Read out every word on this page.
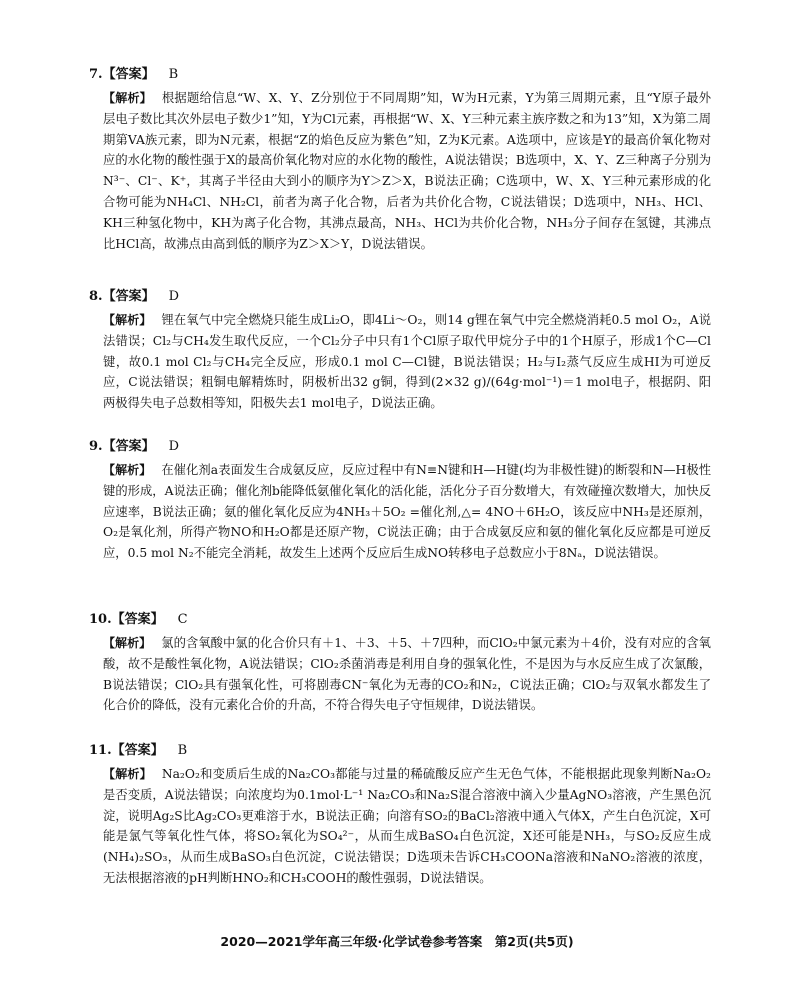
7.【答案】 B
【解析】 根据题给信息“W、X、Y、Z分别位于不同周期”知，W为H元素，Y为第三周期元素，且“Y原子最外层电子数比其次外层电子数少1”知，Y为Cl元素，再根据“W、X、Y三种元素主族序数之和为13”知，X为第二周期第VA族元素，即为N元素，根据“Z的焰色反应为紫色”知，Z为K元素。A选项中，应该是Y的最高价氧化物对应的水化物的酸性强于X的最高价氧化物对应的水化物的酸性，A说法错误；B选项中，X、Y、Z三种离子分别为N³⁻、Cl⁻、K⁺，其离子半径由大到小的顺序为Y＞Z＞X，B说法正确；C选项中，W、X、Y三种元素形成的化合物可能为NH₄Cl、NH₂Cl，前者为离子化合物，后者为共价化合物，C说法错误；D选项中，NH₃、HCl、KH三种氢化物中，KH为离子化合物，其沸点最高，NH₃、HCl为共价化合物，NH₃分子间存在氢键，其沸点比HCl高，故沸点由高到低的顺序为Z＞X＞Y，D说法错误。
8.【答案】 D
【解析】 锂在氧气中完全燃烧只能生成Li₂O，即4Li～O₂，则14 g锂在氧气中完全燃烧消耗0.5 mol O₂，A说法错误；Cl₂与CH₄发生取代反应，一个Cl₂分子中只有1个Cl原子取代甲烷分子中的1个H原子，形成1个C—Cl键，故0.1 mol Cl₂与CH₄完全反应，形成0.1 mol C—Cl键，B说法错误；H₂与I₂蒸气反应生成HI为可逆反应，C说法错误；粗铜电解精炼时，阴极析出32 g铜，得到(2×32 g)/(64g·mol⁻¹)＝1 mol电子，根据阴、阳两极得失电子总数相等知，阳极失去1 mol电子，D说法正确。
9.【答案】 D
【解析】 在催化剂a表面发生合成氨反应，反应过程中有N≡N键和H—H键(均为非极性键)的断裂和N—H极性键的形成，A说法正确；催化剂b能降低氨催化氧化的活化能，活化分子百分数增大，有效碰撞次数增大，加快反应速率，B说法正确；氨的催化氧化反应为4NH₃＋5O₂ =催化剂,△= 4NO＋6H₂O，该反应中NH₃是还原剂，O₂是氧化剂，所得产物NO和H₂O都是还原产物，C说法正确；由于合成氨反应和氨的催化氧化反应都是可逆反应，0.5 mol N₂不能完全消耗，故发生上述两个反应后生成NO转移电子总数应小于8Nₐ，D说法错误。
10.【答案】 C
【解析】 氯的含氧酸中氯的化合价只有＋1、＋3、＋5、＋7四种，而ClO₂中氯元素为＋4价，没有对应的含氧酸，故不是酸性氧化物，A说法错误；ClO₂杀菌消毒是利用自身的强氧化性，不是因为与水反应生成了次氯酸，B说法错误；ClO₂具有强氧化性，可将剧毒CN⁻氧化为无毒的CO₂和N₂，C说法正确；ClO₂与双氧水都发生了化合价的降低，没有元素化合价的升高，不符合得失电子守恒规律，D说法错误。
11.【答案】 B
【解析】 Na₂O₂和变质后生成的Na₂CO₃都能与过量的稀硫酸反应产生无色气体，不能根据此现象判断Na₂O₂是否变质，A说法错误；向浓度均为0.1mol·L⁻¹ Na₂CO₃和Na₂S混合溶液中滴入少量AgNO₃溶液，产生黑色沉淀，说明Ag₂S比Ag₂CO₃更难溶于水，B说法正确；向溶有SO₂的BaCl₂溶液中通入气体X，产生白色沉淀，X可能是氯气等氧化性气体，将SO₂氧化为SO₄²⁻，从而生成BaSO₄白色沉淀，X还可能是NH₃，与SO₂反应生成(NH₄)₂SO₃，从而生成BaSO₃白色沉淀，C说法错误；D选项未告诉CH₃COONa溶液和NaNO₂溶液的浓度，无法根据溶液的pH判断HNO₂和CH₃COOH的酸性强弱，D说法错误。
2020—2021学年高三年级·化学试卷参考答案　第2页(共5页)
